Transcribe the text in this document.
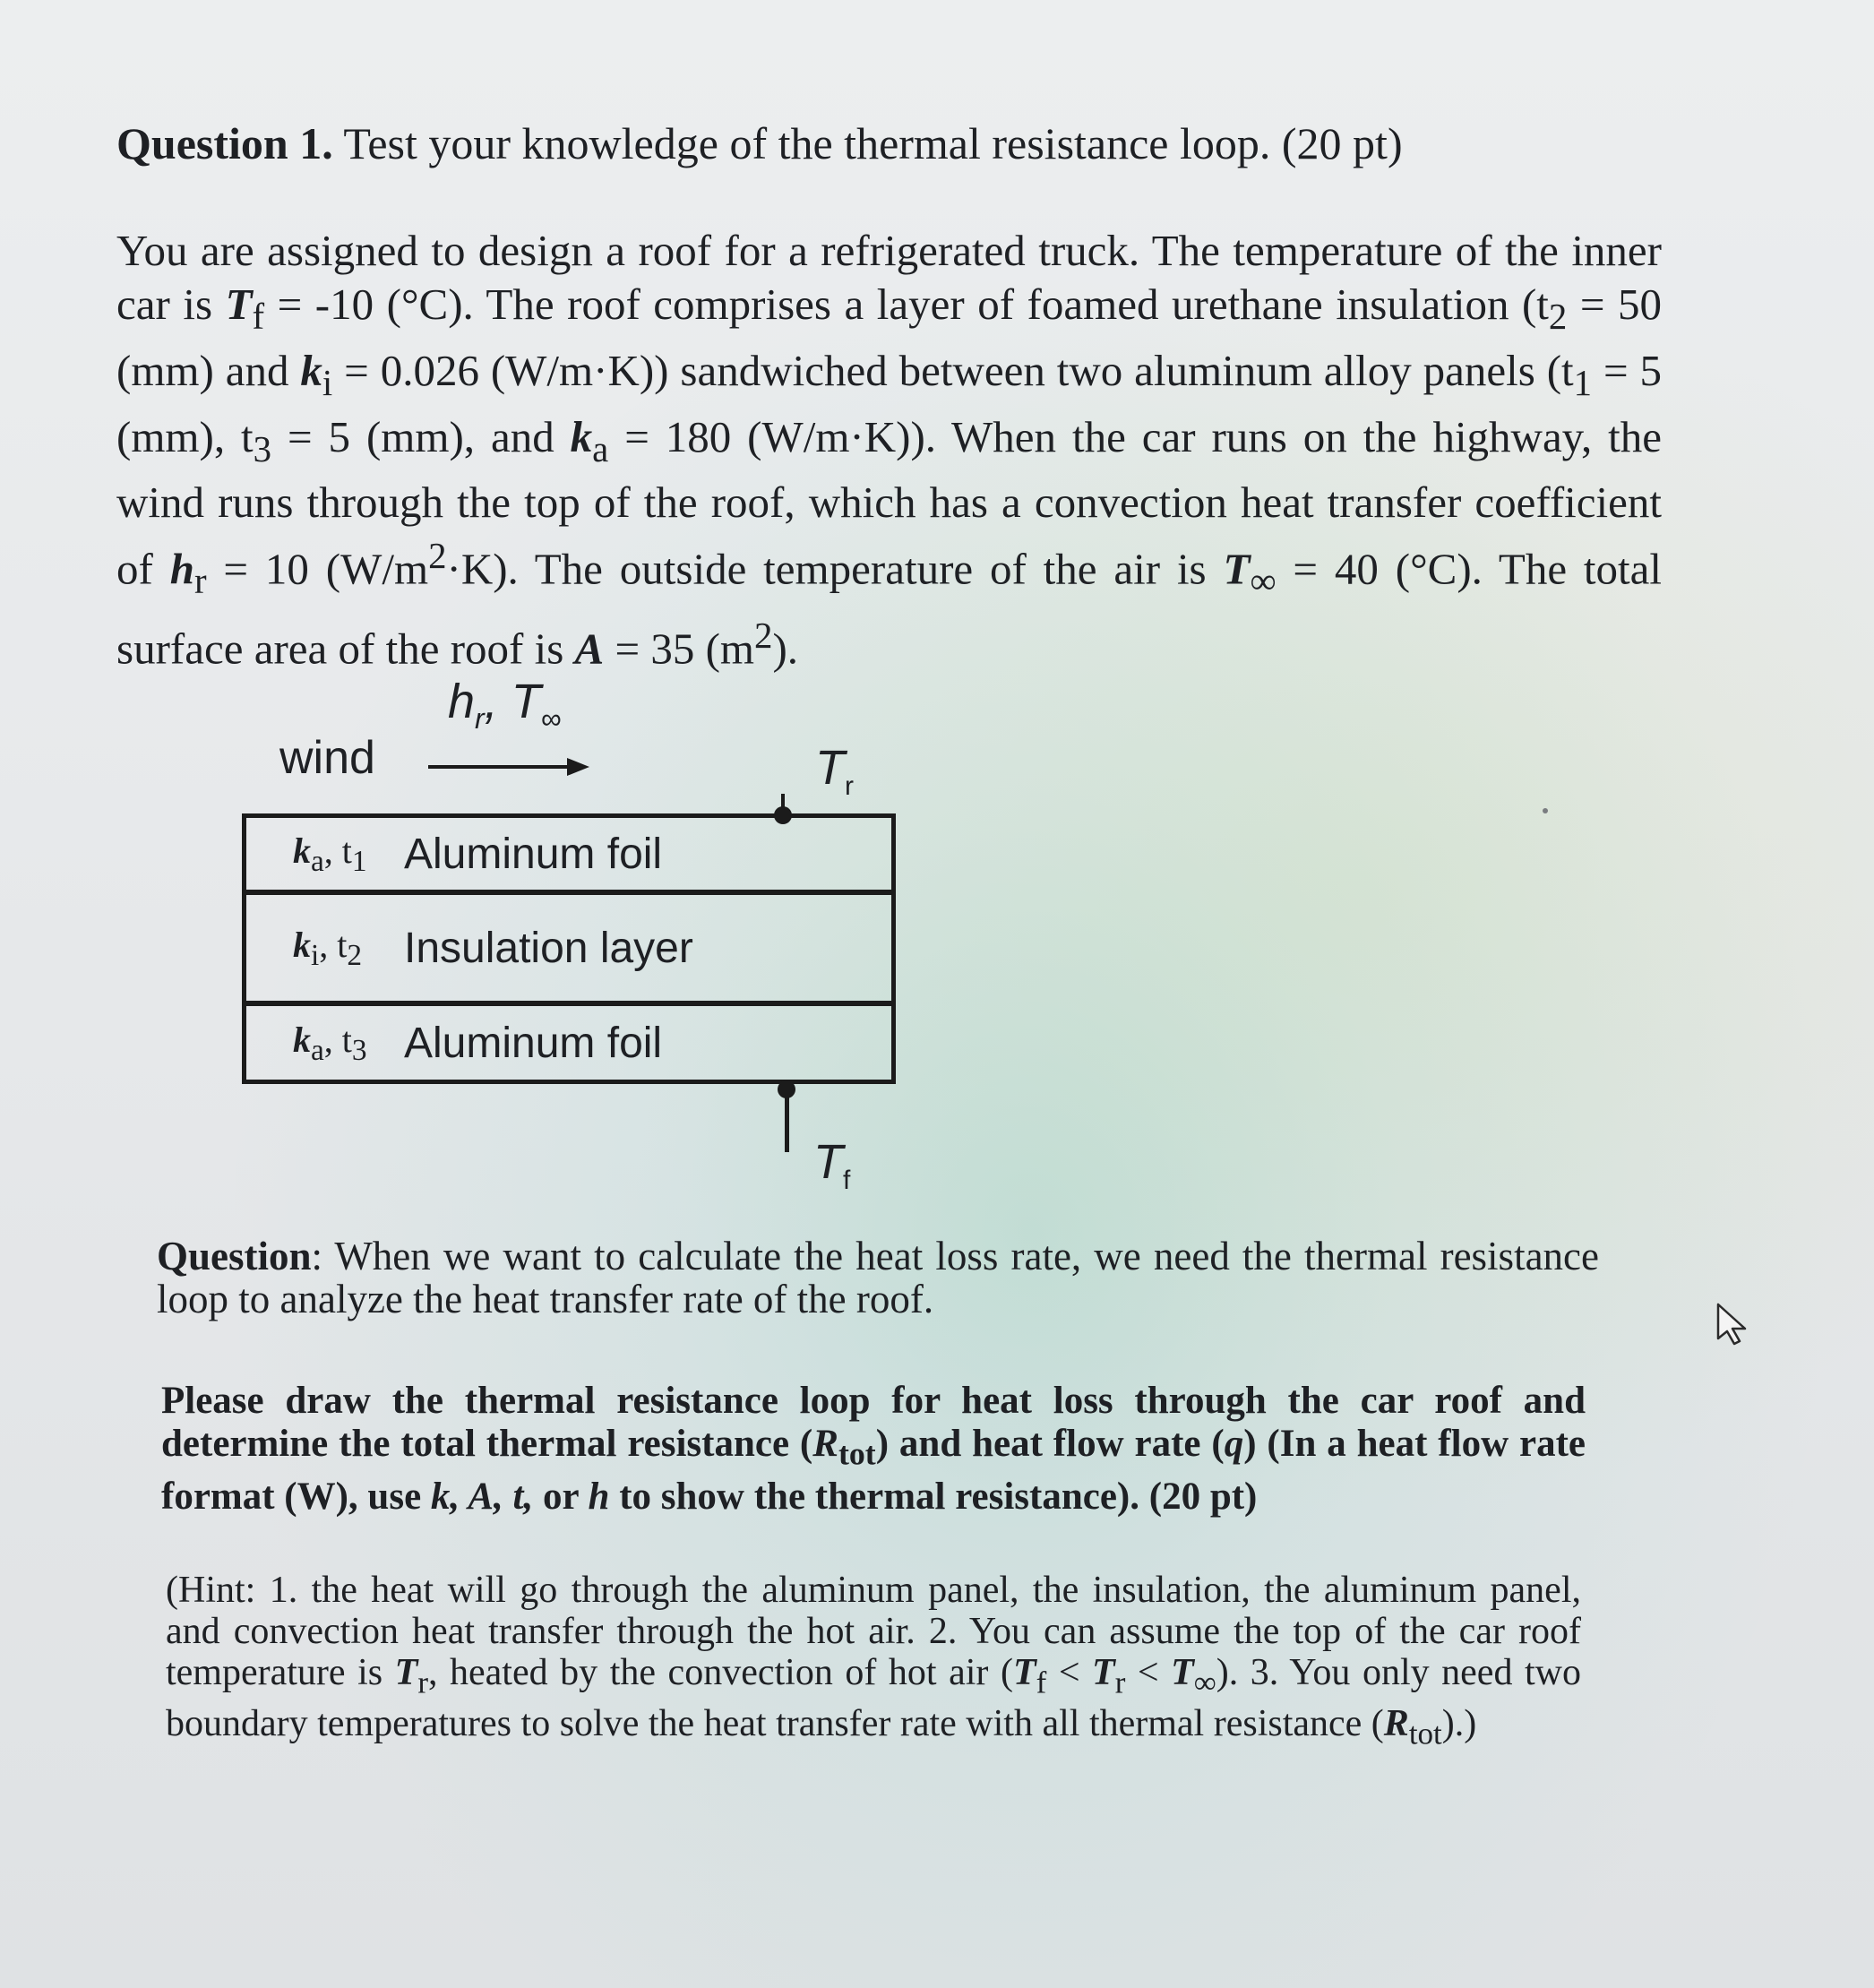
Question 1. Test your knowledge of the thermal resistance loop. (20 pt)

You are assigned to design a roof for a refrigerated truck. The temperature of the inner car is $T_f = -10$ (°C). The roof comprises a layer of foamed urethane insulation ($t_2 = 50$ (mm) and $k_i = 0.026$ (W/m·K)) sandwiched between two aluminum alloy panels ($t_1 = 5$ (mm), $t_3 = 5$ (mm), and $k_a = 180$ (W/m·K)). When the car runs on the highway, the wind runs through the top of the roof, which has a convection heat transfer coefficient of $h_r = 10$ $(W/m^2\cdot K)$. The outside temperature of the air is $T_\infty = 40$ (°C). The total surface area of the roof is A = 35 $(m^2)$.

$h_r$, $T_\infty$
wind	$T_r$
$k_a$, $t_1$ Aluminum foil
$k_i$, $t_2$ Insulation layer
$k_a$, $t_3$ Aluminum foil
$T_f$

Question: When we want to calculate the heat loss rate, we need the thermal resistance loop to analyze the heat transfer rate of the roof.

Please draw the thermal resistance loop for heat loss through the car roof and determine the total thermal resistance $(R_{tot})$ and heat flow rate (q) (In a heat flow rate format (W), use k, A, t, or h to show the thermal resistance). (20 pt)

(Hint: 1. the heat will go through the aluminum panel, the insulation, the aluminum panel, and convection heat transfer through the hot air. 2. You can assume the top of the car roof temperature is $T_r$, heated by the convection of hot air $(T_f < T_r < T_\infty)$. 3. You only need two boundary temperatures to solve the heat transfer rate with all thermal resistance $(R_{tot})$.)
